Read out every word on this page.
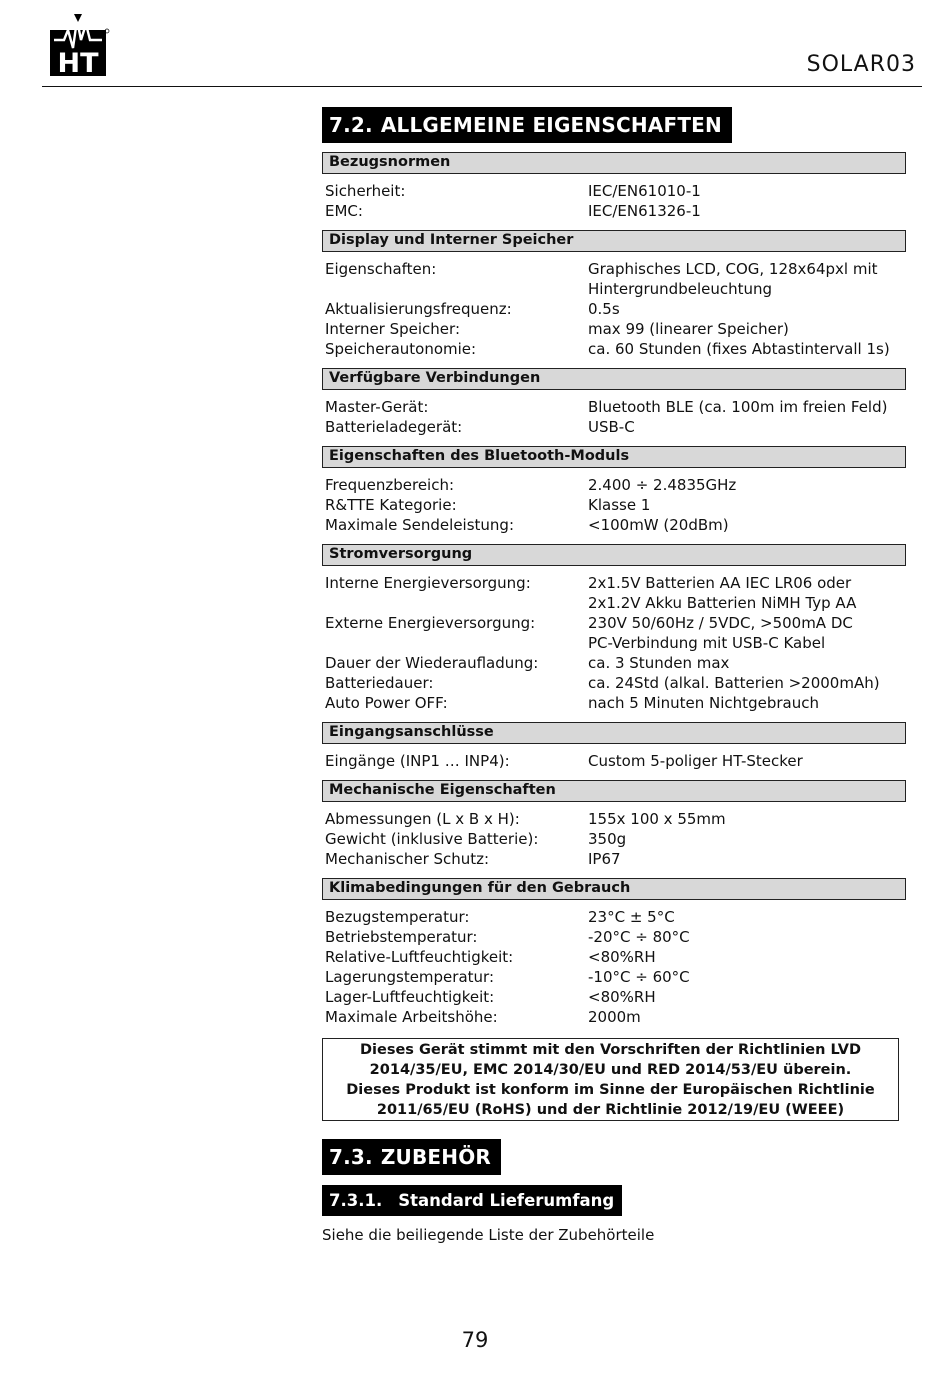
HT	SOLAR03
7.2. ALLGEMEINE EIGENSCHAFTEN
Bezugsnormen
Sicherheit:	IEC/EN61010-1
EMC:	IEC/EN61326-1
Display und Interner Speicher
Eigenschaften:	Graphisches LCD, COG, 128x64pxl mit
Hintergrundbeleuchtung
Aktualisierungsfrequenz:	0.5s
Interner Speicher:	max 99 (linearer Speicher)
Speicherautonomie:	ca. 60 Stunden (fixes Abtastintervall 1s)
Verfügbare Verbindungen
Master-Gerät:	Bluetooth BLE (ca. 100m im freien Feld)
Batterieladegerät:	USB-C
Eigenschaften des Bluetooth-Moduls
Frequenzbereich:	2.400 ÷ 2.4835GHz
R&TTE Kategorie:	Klasse 1
Maximale Sendeleistung:	<100mW (20dBm)
Stromversorgung
Interne Energieversorgung:	2x1.5V Batterien AA IEC LR06 oder
2x1.2V Akku Batterien NiMH Typ AA
Externe Energieversorgung:	230V 50/60Hz / 5VDC, >500mA DC
PC-Verbindung mit USB-C Kabel
Dauer der Wiederaufladung:	ca. 3 Stunden max
Batteriedauer:	ca. 24Std (alkal. Batterien >2000mAh)
Auto Power OFF:	nach 5 Minuten Nichtgebrauch
Eingangsanschlüsse
Eingänge (INP1 … INP4):	Custom 5-poliger HT-Stecker
Mechanische Eigenschaften
Abmessungen (L x B x H):	155x 100 x 55mm
Gewicht (inklusive Batterie):	350g
Mechanischer Schutz:	IP67
Klimabedingungen für den Gebrauch
Bezugstemperatur:	23°C ± 5°C
Betriebstemperatur:	-20°C ÷ 80°C
Relative-Luftfeuchtigkeit:	<80%RH
Lagerungstemperatur:	-10°C ÷ 60°C
Lager-Luftfeuchtigkeit:	<80%RH
Maximale Arbeitshöhe:	2000m
Dieses Gerät stimmt mit den Vorschriften der Richtlinien LVD
2014/35/EU, EMC 2014/30/EU und RED 2014/53/EU überein.
Dieses Produkt ist konform im Sinne der Europäischen Richtlinie
2011/65/EU (RoHS) und der Richtlinie 2012/19/EU (WEEE)
7.3. ZUBEHÖR
7.3.1. Standard Lieferumfang
Siehe die beiliegende Liste der Zubehörteile
79
